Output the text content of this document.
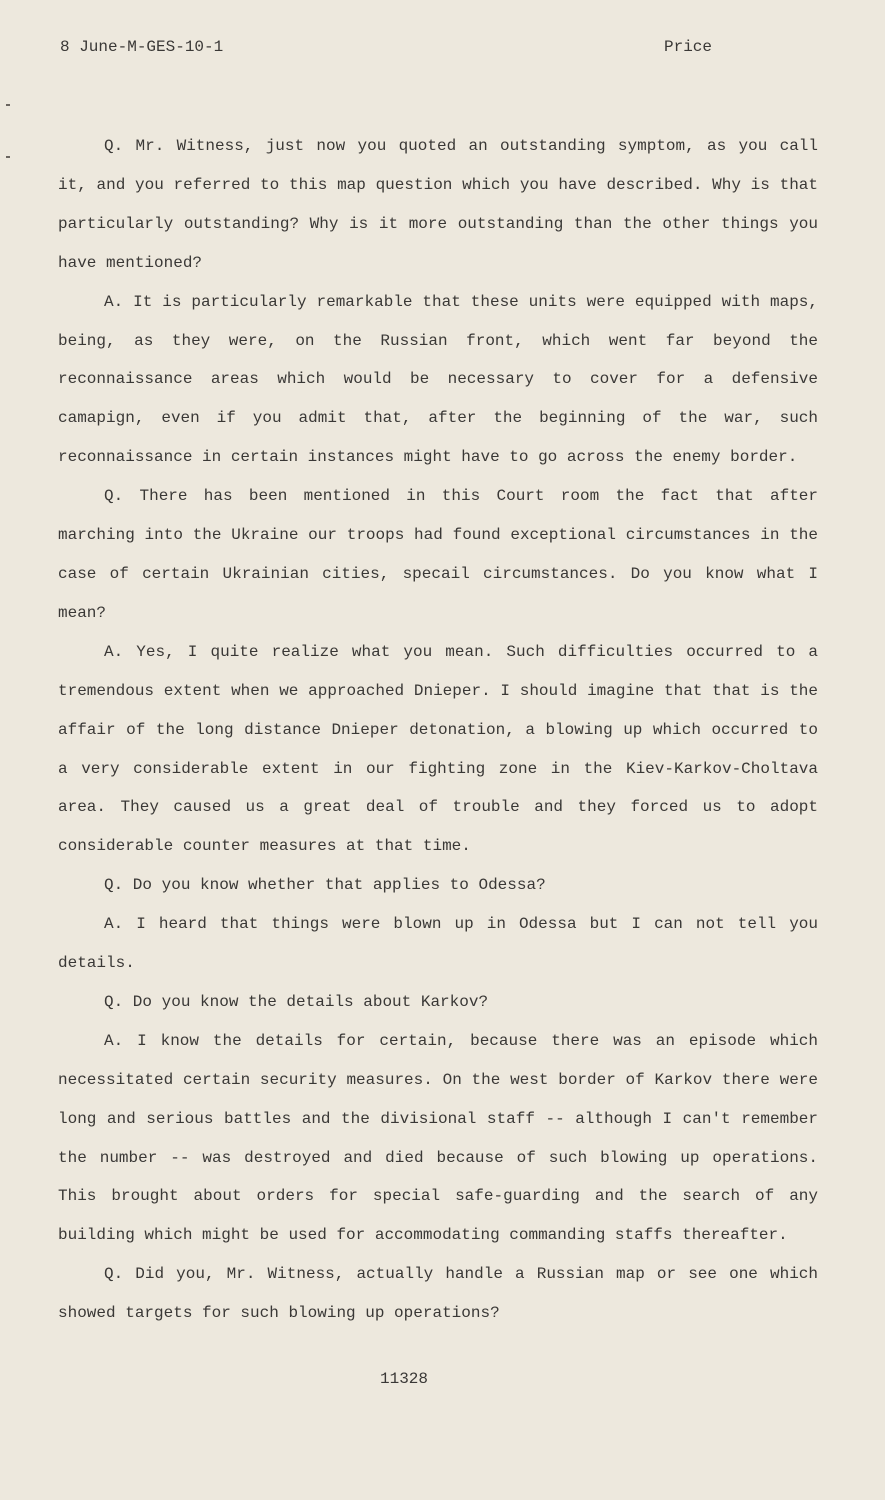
8 June-M-GES-10-1	Price

Q. Mr. Witness, just now you quoted an outstanding symptom, as you call it, and you referred to this map question which you have described. Why is that particularly outstanding? Why is it more outstanding than the other things you have mentioned?

A. It is particularly remarkable that these units were equipped with maps, being, as they were, on the Russian front, which went far beyond the reconnaissance areas which would be necessary to cover for a defensive camapign, even if you admit that, after the beginning of the war, such reconnaissance in certain instances might have to go across the enemy border.

Q. There has been mentioned in this Court room the fact that after marching into the Ukraine our troops had found exceptional circumstances in the case of certain Ukrainian cities, specail circumstances. Do you know what I mean?

A. Yes, I quite realize what you mean. Such difficulties occurred to a tremendous extent when we approached Dnieper. I should imagine that that is the affair of the long distance Dnieper detonation, a blowing up which occurred to a very considerable extent in our fighting zone in the Kiev-Karkov-Choltava area. They caused us a great deal of trouble and they forced us to adopt considerable counter measures at that time.

Q. Do you know whether that applies to Odessa?

A. I heard that things were blown up in Odessa but I can not tell you details.

Q. Do you know the details about Karkov?

A. I know the details for certain, because there was an episode which necessitated certain security measures. On the west border of Karkov there were long and serious battles and the divisional staff -- although I can't remember the number -- was destroyed and died because of such blowing up operations. This brought about orders for special safe-guarding and the search of any building which might be used for accommodating commanding staffs thereafter.

Q. Did you, Mr. Witness, actually handle a Russian map or see one which showed targets for such blowing up operations?

11328
